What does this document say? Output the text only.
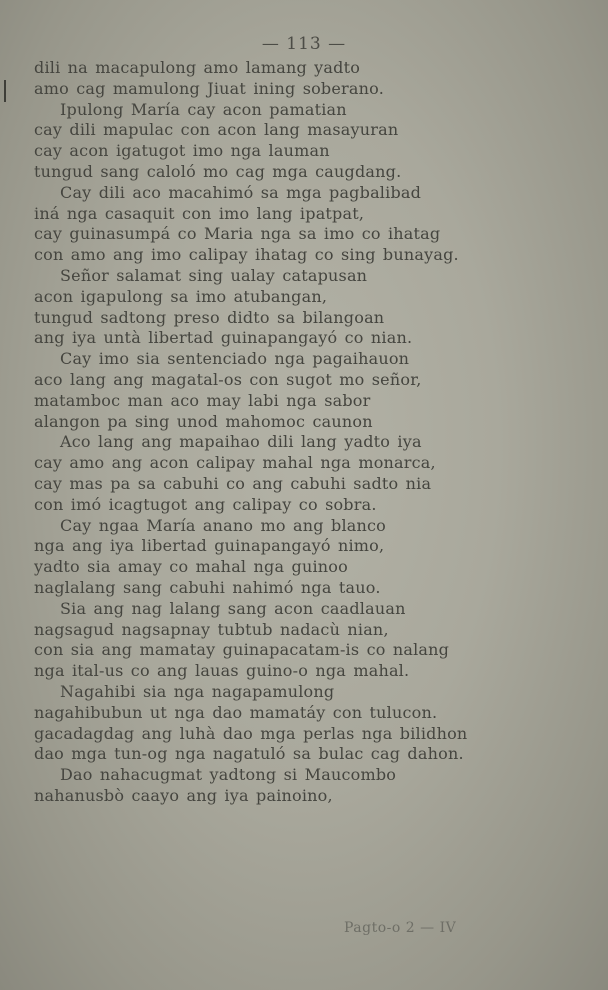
— 113 —
dili na macapulong amo lamang yadto
amo cag mamulong Jiuat ining soberano.
Ipulong María cay acon pamatian
cay dili mapulac con acon lang masayuran
cay acon igatugot imo nga lauman
tungud sang caloló mo cag mga caugdang.
Cay dili aco macahimó sa mga pagbalibad
iná nga casaquit con imo lang ipatpat,
cay guinasumpá co Maria nga sa imo co ihatag
con amo ang imo calipay ihatag co sing bunayag.
Señor salamat sing ualay catapusan
acon igapulong sa imo atubangan,
tungud sadtong preso didto sa bilangoan
ang iya untà libertad guinapangayó co nian.
Cay imo sia sentenciado nga pagaihauon
aco lang ang magatal-os con sugot mo señor,
matamboc man aco may labi nga sabor
alangon pa sing unod mahomoc caunon
Aco lang ang mapaihao dili lang yadto iya
cay amo ang acon calipay mahal nga monarca,
cay mas pa sa cabuhi co ang cabuhi sadto nia
con imó icagtugot ang calipay co sobra.
Cay ngaa María anano mo ang blanco
nga ang iya libertad guinapangayó nimo,
yadto sia amay co mahal nga guinoo
naglalang sang cabuhi nahimó nga tauo.
Sia ang nag lalang sang acon caadlauan
nagsagud nagsapnay tubtub nadacù nian,
con sia ang mamatay guinapacatam-is co nalang
nga ital-us co ang lauas guino-o nga mahal.
Nagahibi sia nga nagapamulong
nagahibubun ut nga dao mamatáy con tulucon.
gacadagdag ang luhà dao mga perlas nga bilidhon
dao mga tun-og nga nagatuló sa bulac cag dahon.
Dao nahacugmat yadtong si Maucombo
nahanusbò caayo ang iya painoino,
Pagto-o 2 — IV
